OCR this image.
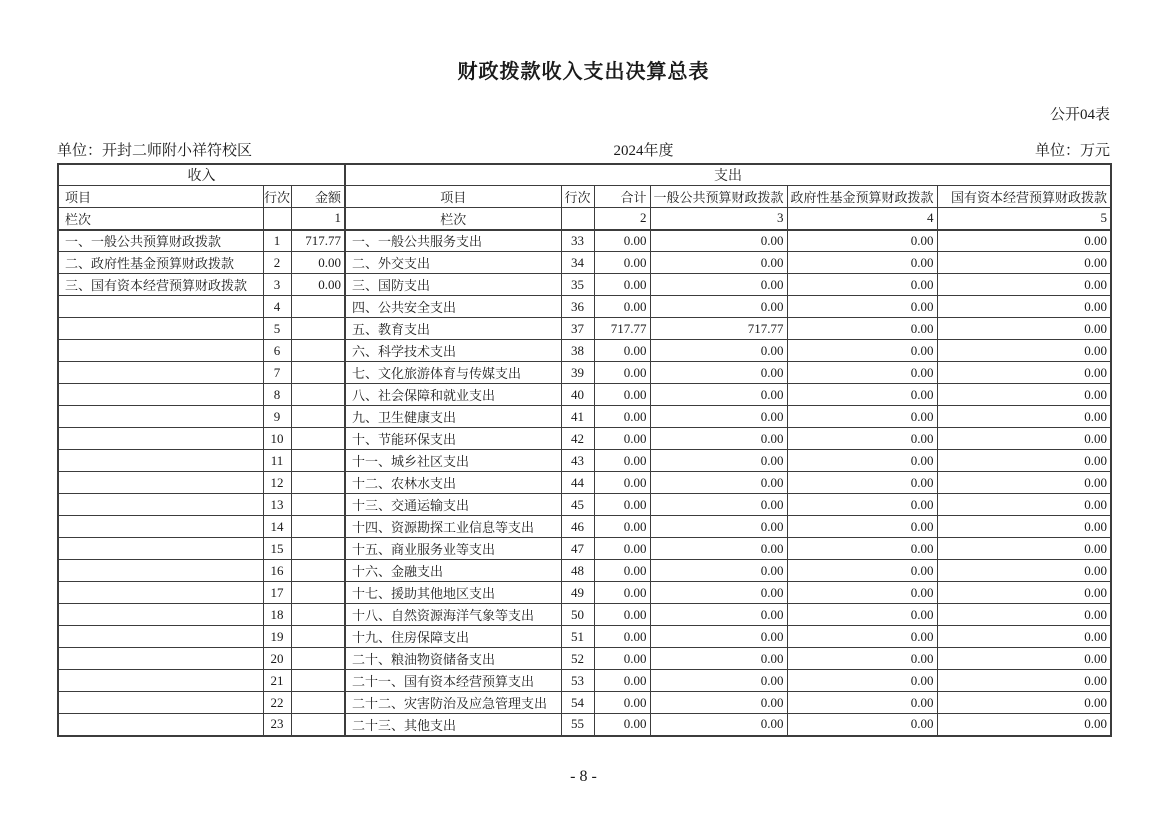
财政拨款收入支出决算总表
公开04表
单位：开封二师附小祥符校区	2024年度	单位：万元
收入			支出					
项目	行次	金额	项目	行次	合计	一般公共预算财政拨款	政府性基金预算财政拨款	国有资本经营预算财政拨款
栏次		1	栏次		2	3	4	5
一、一般公共预算财政拨款	1	717.77	一、一般公共服务支出	33	0.00	0.00	0.00	0.00
二、政府性基金预算财政拨款	2	0.00	二、外交支出	34	0.00	0.00	0.00	0.00
三、国有资本经营预算财政拨款	3	0.00	三、国防支出	35	0.00	0.00	0.00	0.00
	4		四、公共安全支出	36	0.00	0.00	0.00	0.00
	5		五、教育支出	37	717.77	717.77	0.00	0.00
	6		六、科学技术支出	38	0.00	0.00	0.00	0.00
	7		七、文化旅游体育与传媒支出	39	0.00	0.00	0.00	0.00
	8		八、社会保障和就业支出	40	0.00	0.00	0.00	0.00
	9		九、卫生健康支出	41	0.00	0.00	0.00	0.00
	10		十、节能环保支出	42	0.00	0.00	0.00	0.00
	11		十一、城乡社区支出	43	0.00	0.00	0.00	0.00
	12		十二、农林水支出	44	0.00	0.00	0.00	0.00
	13		十三、交通运输支出	45	0.00	0.00	0.00	0.00
	14		十四、资源勘探工业信息等支出	46	0.00	0.00	0.00	0.00
	15		十五、商业服务业等支出	47	0.00	0.00	0.00	0.00
	16		十六、金融支出	48	0.00	0.00	0.00	0.00
	17		十七、援助其他地区支出	49	0.00	0.00	0.00	0.00
	18		十八、自然资源海洋气象等支出	50	0.00	0.00	0.00	0.00
	19		十九、住房保障支出	51	0.00	0.00	0.00	0.00
	20		二十、粮油物资储备支出	52	0.00	0.00	0.00	0.00
	21		二十一、国有资本经营预算支出	53	0.00	0.00	0.00	0.00
	22		二十二、灾害防治及应急管理支出	54	0.00	0.00	0.00	0.00
	23		二十三、其他支出	55	0.00	0.00	0.00	0.00
- 8 -
